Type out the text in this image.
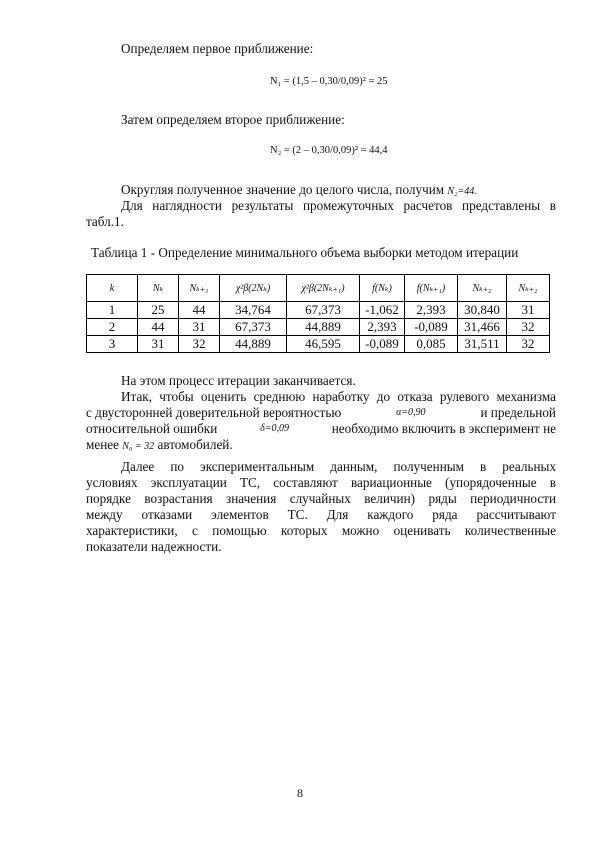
Определяем первое приближение:
N₁ = (1,5 – 0,30/0,09)² = 25
Затем определяем второе приближение:
N₂ = (2 – 0,30/0,09)² = 44,4
Округляя полученное значение до целого числа, получим N₂=44.
Для наглядности результаты промежуточных расчетов представлены в
табл.1.
Таблица 1 - Определение минимального объема выборки методом итерации
k	Nₖ	Nₖ₊₁	χ²β(2Nₖ)	χ²β(2Nₖ₊₁)	f(Nₖ)	f(Nₖ₊₁)	Nₖ₊₂	Nₖ₊₂
1	25	44	34,764	67,373	-1,062	2,393	30,840	31
2	44	31	67,373	44,889	2,393	-0,089	31,466	32
3	31	32	44,889	46,595	-0,089	0,085	31,511	32
На этом процесс итерации заканчивается.
Итак, чтобы оценить среднюю наработку до отказа рулевого механизма
с двусторонней доверительной вероятностью	α=0,90	и предельной
относительной ошибки	δ=0,09	необходимо включить в эксперимент не
менее N₀ = 32 автомобилей.
Далее по экспериментальным данным, полученным в реальных
условиях эксплуатации ТС, составляют вариационные (упорядоченные в
порядке возрастания значения случайных величин) ряды периодичности
между отказами элементов ТС. Для каждого ряда рассчитывают
характеристики, с помощью которых можно оценивать количественные
показатели надежности.
8
